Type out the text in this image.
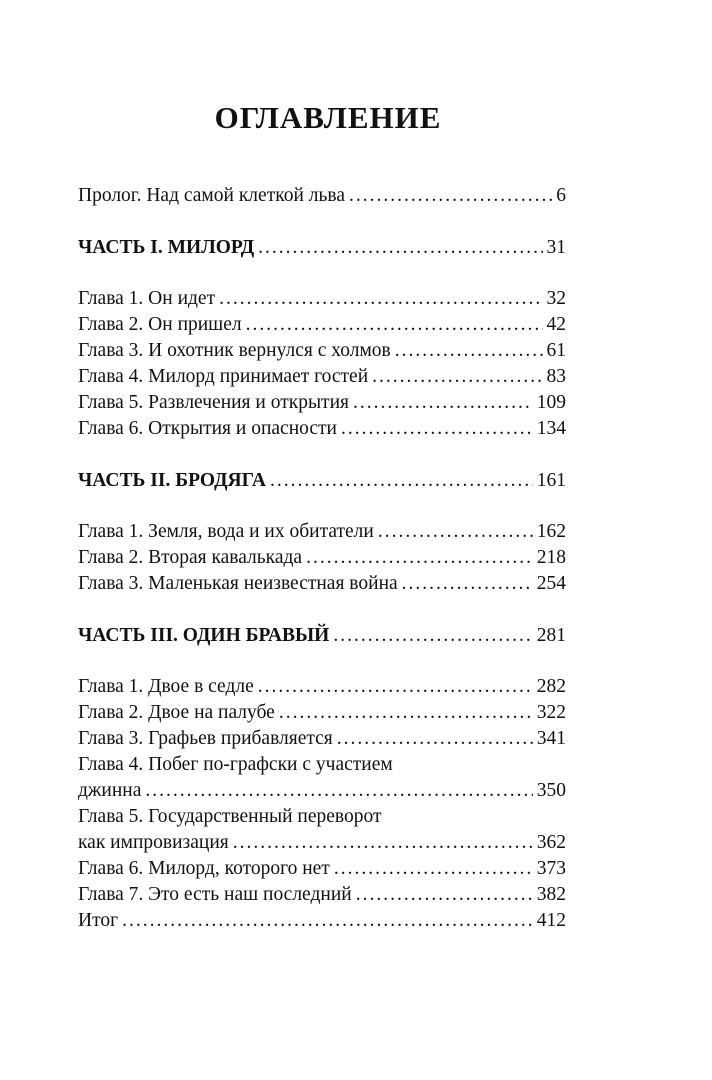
ОГЛАВЛЕНИЕ
Пролог. Над самой клеткой льва .....	6
ЧАСТЬ I. МИЛОРД .....	31
Глава 1. Он идет .....	32
Глава 2. Он пришел .....	42
Глава 3. И охотник вернулся с холмов .....	61
Глава 4. Милорд принимает гостей .....	83
Глава 5. Развлечения и открытия .....	109
Глава 6. Открытия и опасности .....	134
ЧАСТЬ II. БРОДЯГА .....	161
Глава 1. Земля, вода и их обитатели .....	162
Глава 2. Вторая кавалькада .....	218
Глава 3. Маленькая неизвестная война .....	254
ЧАСТЬ III. ОДИН БРАВЫЙ .....	281
Глава 1. Двое в седле .....	282
Глава 2. Двое на палубе .....	322
Глава 3. Графьев прибавляется .....	341
Глава 4. Побег по-графски с участием
джинна .....	350
Глава 5. Государственный переворот
как импровизация .....	362
Глава 6. Милорд, которого нет .....	373
Глава 7. Это есть наш последний .....	382
Итог .....	412
